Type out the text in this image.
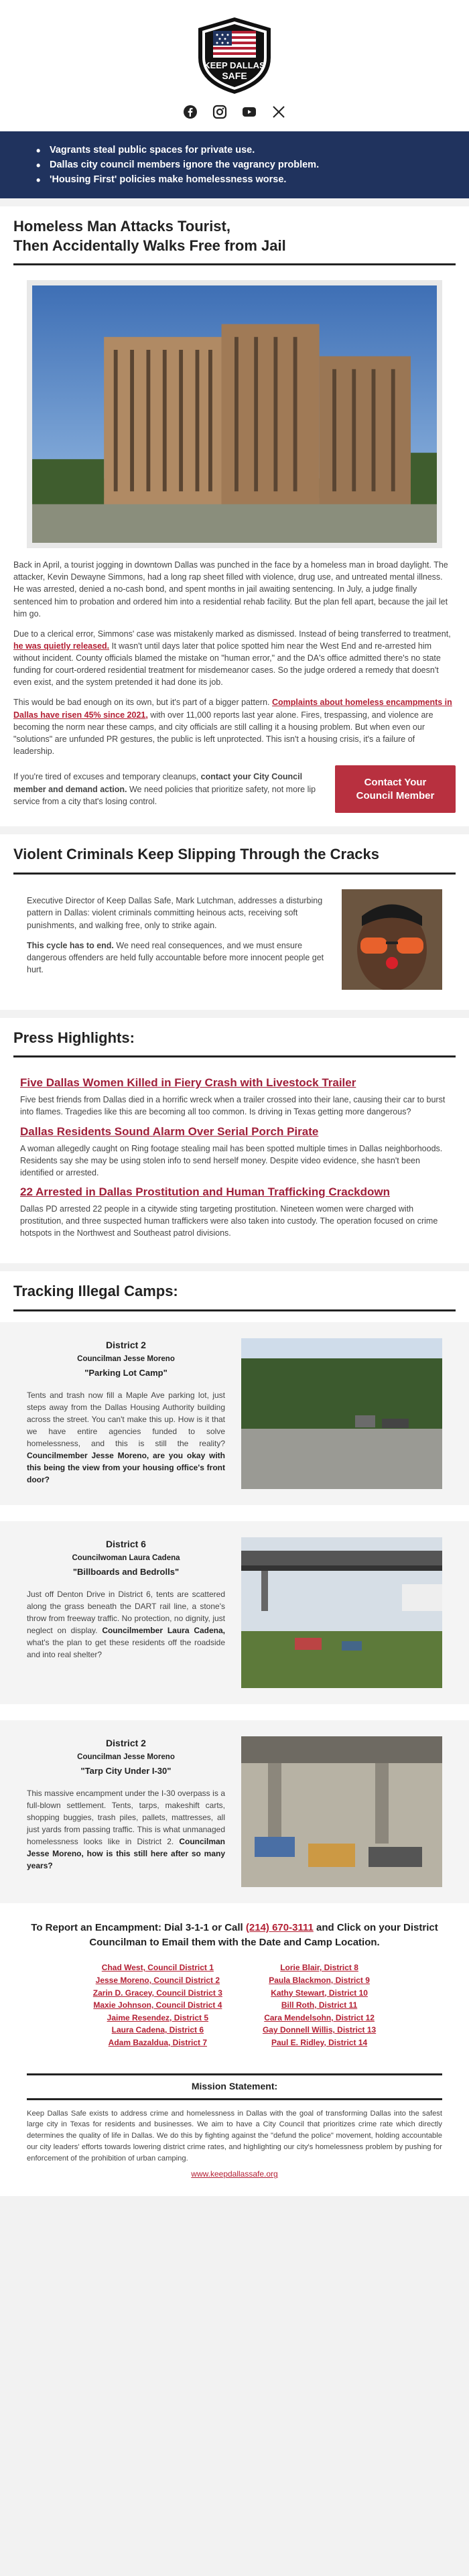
KEEP DALLAS
SAFE
• Vagrants steal public spaces for private use.
• Dallas city council members ignore the vagrancy problem.
• 'Housing First' policies make homelessness worse.
Homeless Man Attacks Tourist,
Then Accidentally Walks Free from Jail

Back in April, a tourist jogging in downtown Dallas was punched in the face by a homeless man in broad daylight. The attacker, Kevin Dewayne Simmons, had a long rap sheet filled with violence, drug use, and untreated mental illness. He was arrested, denied a no-cash bond, and spent months in jail awaiting sentencing. In July, a judge finally sentenced him to probation and ordered him into a residential rehab facility. But the plan fell apart, because the jail let him go.

Due to a clerical error, Simmons' case was mistakenly marked as dismissed. Instead of being transferred to treatment, he was quietly released. It wasn't until days later that police spotted him near the West End and re-arrested him without incident. County officials blamed the mistake on "human error," and the DA's office admitted there's no state funding for court-ordered residential treatment for misdemeanor cases. So the judge ordered a remedy that doesn't even exist, and the system pretended it had done its job.

This would be bad enough on its own, but it's part of a bigger pattern. Complaints about homeless encampments in Dallas have risen 45% since 2021, with over 11,000 reports last year alone. Fires, trespassing, and violence are becoming the norm near these camps, and city officials are still calling it a housing problem. But when even our "solutions" are unfunded PR gestures, the public is left unprotected. This isn't a housing crisis, it's a failure of leadership.

If you're tired of excuses and temporary cleanups, contact your City Council member and demand action. We need policies that prioritize safety, not more lip service from a city that's losing control.

Contact Your Council Member
Violent Criminals Keep Slipping Through the Cracks

Executive Director of Keep Dallas Safe, Mark Lutchman, addresses a disturbing pattern in Dallas: violent criminals committing heinous acts, receiving soft punishments, and walking free, only to strike again.

This cycle has to end. We need real consequences, and we must ensure dangerous offenders are held fully accountable before more innocent people get hurt.

Press Highlights:
Five Dallas Women Killed in Fiery Crash with Livestock Trailer

Five best friends from Dallas died in a horrific wreck when a trailer crossed into their lane, causing their car to burst into flames. Tragedies like this are becoming all too common. Is driving in Texas getting more dangerous?

Dallas Residents Sound Alarm Over Serial Porch Pirate

A woman allegedly caught on Ring footage stealing mail has been spotted multiple times in Dallas neighborhoods. Residents say she may be using stolen info to send herself money. Despite video evidence, she hasn't been identified or arrested.

22 Arrested in Dallas Prostitution and Human Trafficking Crackdown

Dallas PD arrested 22 people in a citywide sting targeting prostitution. Nineteen women were charged with prostitution, and three suspected human traffickers were also taken into custody. The operation focused on crime hotspots in the Northwest and Southeast patrol divisions.

Tracking Illegal Camps:
District 2
Councilman Jesse Moreno
"Parking Lot Camp"
Tents and trash now fill a Maple Ave parking lot, just steps away from the Dallas Housing Authority building across the street. You can't make this up. How is it that we have entire agencies funded to solve homelessness, and this is still the reality? Councilmember Jesse Moreno, are you okay with this being the view from your housing office's front door?
District 6
Councilwoman Laura Cadena
"Billboards and Bedrolls"
Just off Denton Drive in District 6, tents are scattered along the grass beneath the DART rail line, a stone's throw from freeway traffic. No protection, no dignity, just neglect on display. Councilmember Laura Cadena, what's the plan to get these residents off the roadside and into real shelter?
District 2
Councilman Jesse Moreno
"Tarp City Under I-30"
This massive encampment under the I-30 overpass is a full-blown settlement. Tents, tarps, makeshift carts, shopping buggies, trash piles, pallets, mattresses, all just yards from passing traffic. This is what unmanaged homelessness looks like in District 2. Councilman Jesse Moreno, how is this still here after so many years?
To Report an Encampment: Dial 3-1-1 or Call (214) 670-3111 and Click on your District Councilman to Email them with the Date and Camp Location.
Chad West, Council District 1
Jesse Moreno, Council District 2
Zarin D. Gracey, Council District 3
Maxie Johnson, Council District 4
Jaime Resendez, District 5
Laura Cadena, District 6
Adam Bazaldua, District 7
Lorie Blair, District 8
Paula Blackmon, District 9
Kathy Stewart, District 10
Bill Roth, District 11
Cara Mendelsohn, District 12
Gay Donnell Willis, District 13
Paul E. Ridley, District 14
Mission Statement:

Keep Dallas Safe exists to address crime and homelessness in Dallas with the goal of transforming Dallas into the safest large city in Texas for residents and businesses. We aim to have a City Council that prioritizes crime rate which directly determines the quality of life in Dallas. We do this by fighting against the "defund the police" movement, holding accountable our city leaders' efforts towards lowering district crime rates, and highlighting our city's homelessness problem by pushing for enforcement of the prohibition of urban camping.

www.keepdallassafe.org
